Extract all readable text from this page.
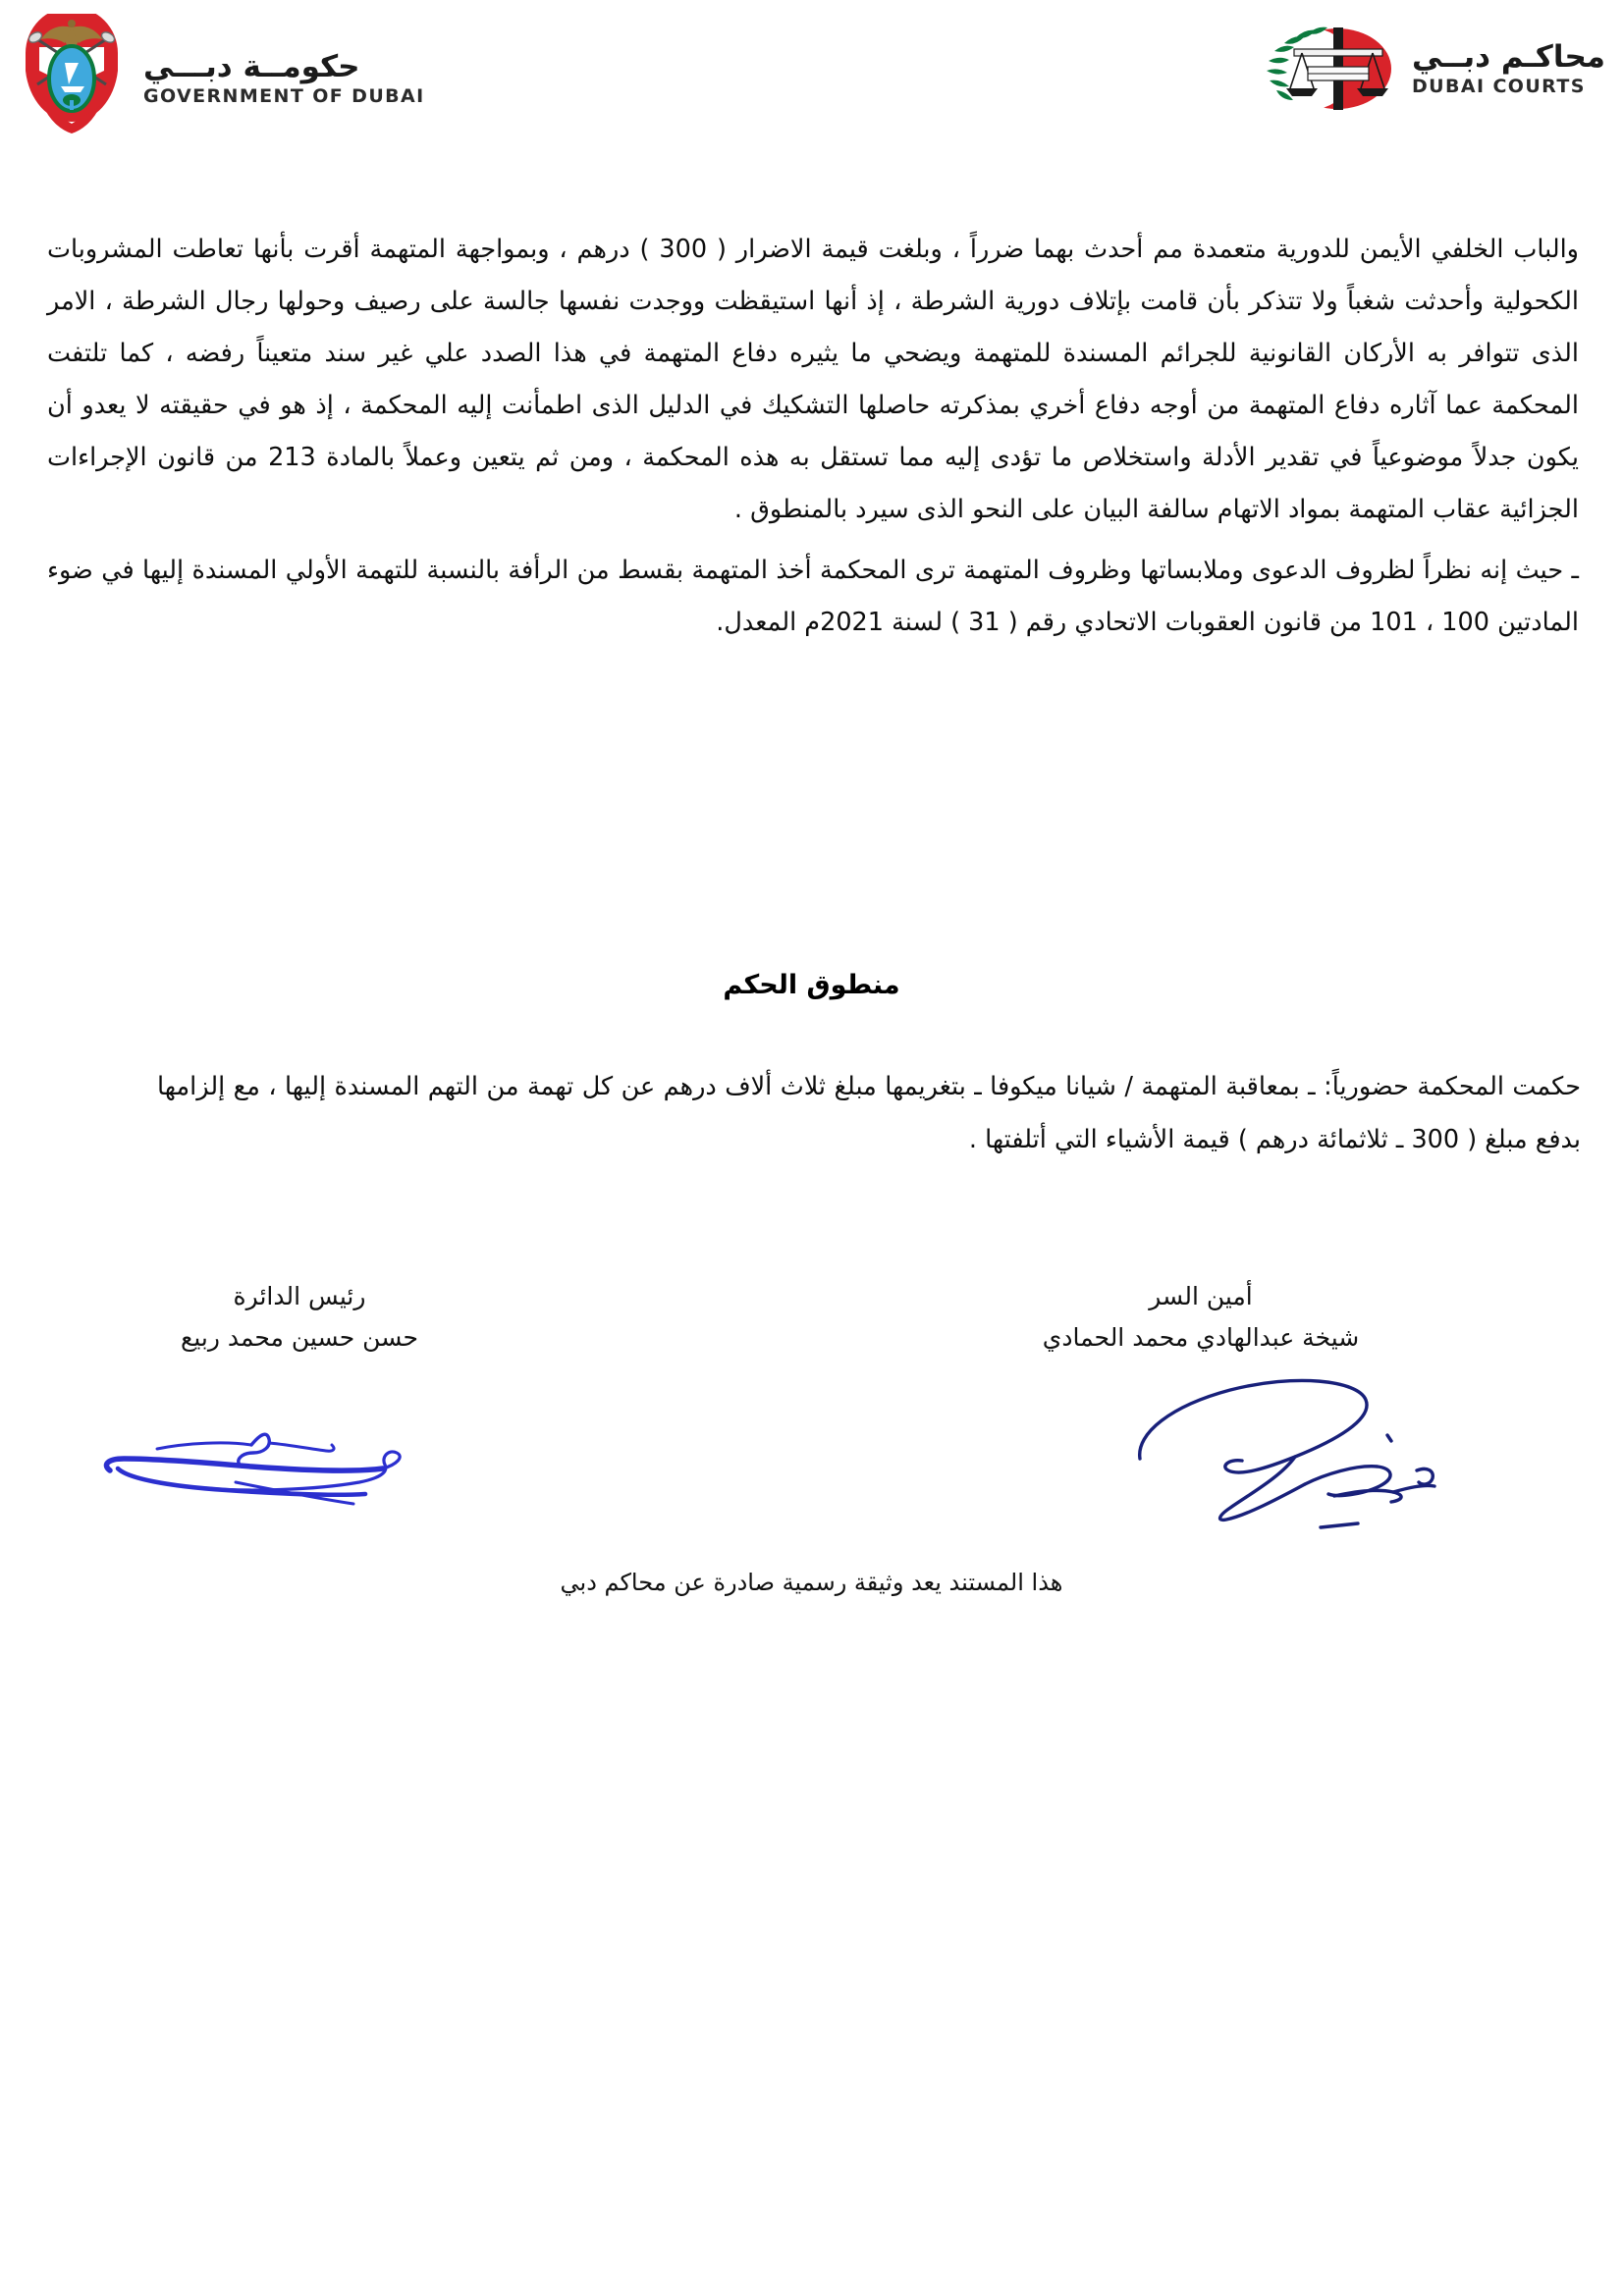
حكومــة دبـــي
GOVERNMENT OF DUBAI
محاكـم دبــي
DUBAI COURTS

والباب الخلفي الأيمن للدورية متعمدة مم أحدث بهما ضرراً ، وبلغت قيمة الاضرار ( 300 ) درهم ، وبمواجهة المتهمة أقرت بأنها تعاطت المشروبات الكحولية وأحدثت شغباً ولا تتذكر بأن قامت بإتلاف دورية الشرطة ، إذ أنها استيقظت ووجدت نفسها جالسة على رصيف وحولها رجال الشرطة ، الامر الذى تتوافر به الأركان القانونية للجرائم المسندة للمتهمة ويضحي ما يثيره دفاع المتهمة في هذا الصدد علي غير سند متعيناً رفضه ، كما تلتفت المحكمة عما آثاره دفاع المتهمة من أوجه دفاع أخري بمذكرته حاصلها التشكيك في الدليل الذى اطمأنت إليه المحكمة ، إذ هو في حقيقته لا يعدو أن يكون جدلاً موضوعياً في تقدير الأدلة واستخلاص ما تؤدى إليه مما تستقل به هذه المحكمة ، ومن ثم يتعين وعملاً بالمادة 213 من قانون الإجراءات الجزائية عقاب المتهمة بمواد الاتهام سالفة البيان على النحو الذى سيرد بالمنطوق .

ـ حيث إنه نظراً لظروف الدعوى وملابساتها وظروف المتهمة ترى المحكمة أخذ المتهمة بقسط من الرأفة بالنسبة للتهمة الأولي المسندة إليها في ضوء المادتين 100 ، 101 من قانون العقوبات الاتحادي رقم ( 31 ) لسنة 2021م المعدل.

منطوق الحكم
حكمت المحكمة حضورياً: ـ بمعاقبة المتهمة / شيانا ميكوفا ـ بتغريمها مبلغ ثلاث ألاف درهم عن كل تهمة من التهم المسندة إليها ، مع إلزامها بدفع مبلغ ( 300 ـ ثلاثمائة درهم ) قيمة الأشياء التي أتلفتها .
أمين السر
شيخة عبدالهادي محمد الحمادي
رئيس الدائرة
حسن حسين محمد ربيع
هذا المستند يعد وثيقة رسمية صادرة عن محاكم دبي
